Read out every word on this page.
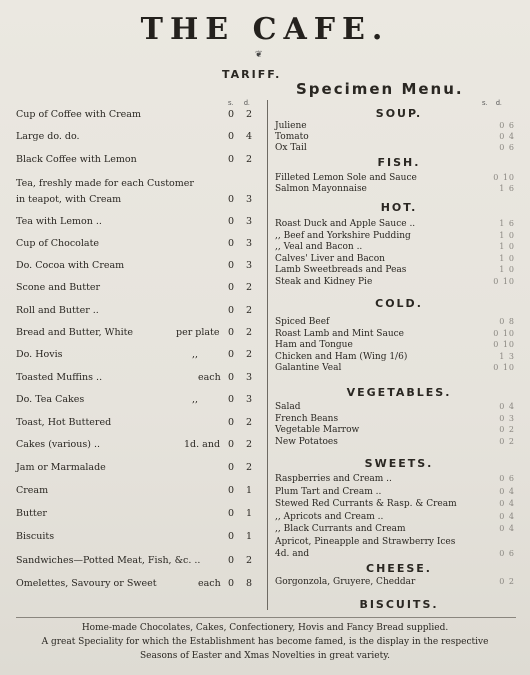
THE CAFE.
❦
TARIFF.
Specimen Menu.
s. d.	s. d.
Cup of Coffee with Cream	0	2
Large do. do.	0	4
Black Coffee with Lemon	0	2
Tea, freshly made for each Customer
in teapot, with Cream	0	3
Tea with Lemon ..	0	3
Cup of Chocolate	0	3
Do. Cocoa with Cream	0	3
Scone and Butter	0	2
Roll and Butter ..	0	2
Bread and Butter, White	per plate 0	2
Do. Hovis	,,	0	2
Toasted Muffins ..	each 0	3
Do. Tea Cakes	,,	0	3
Toast, Hot Buttered	0	2
Cakes (various) ..	1d. and 0	2
Jam or Marmalade	0	2
Cream	0	1
Butter	0	1
Biscuits	0	1
Sandwiches—Potted Meat, Fish, &c. ..	0	2
Omelettes, Savoury or Sweet	each 0	8
SOUP.
Juliene	0 6
Tomato	0 4
Ox Tail	0 6
FISH.
Filleted Lemon Sole and Sauce	0 10
Salmon Mayonnaise	1 6
HOT.
Roast Duck and Apple Sauce ..	1 6
,, Beef and Yorkshire Pudding	1 0
,, Veal and Bacon ..	1 0
Calves' Liver and Bacon	1 0
Lamb Sweetbreads and Peas	1 0
Steak and Kidney Pie	0 10
COLD.
Spiced Beef	0 8
Roast Lamb and Mint Sauce	0 10
Ham and Tongue	0 10
Chicken and Ham (Wing 1/6)	1 3
Galantine Veal	0 10
VEGETABLES.
Salad	0 4
French Beans	0 3
Vegetable Marrow	0 2
New Potatoes	0 2
SWEETS.
Raspberries and Cream ..	0 6
Plum Tart and Cream ..	0 4
Stewed Red Currants & Rasp. & Cream	0 4
,, Apricots and Cream ..	0 4
,, Black Currants and Cream	0 4
Apricot, Pineapple and Strawberry Ices
4d. and	0 6
CHEESE.
Gorgonzola, Gruyere, Cheddar	0 2
BISCUITS.
Home-made Chocolates, Cakes, Confectionery, Hovis and Fancy Bread supplied.
A great Speciality for which the Establishment has become famed, is the display in the respective
Seasons of Easter and Xmas Novelties in great variety.
